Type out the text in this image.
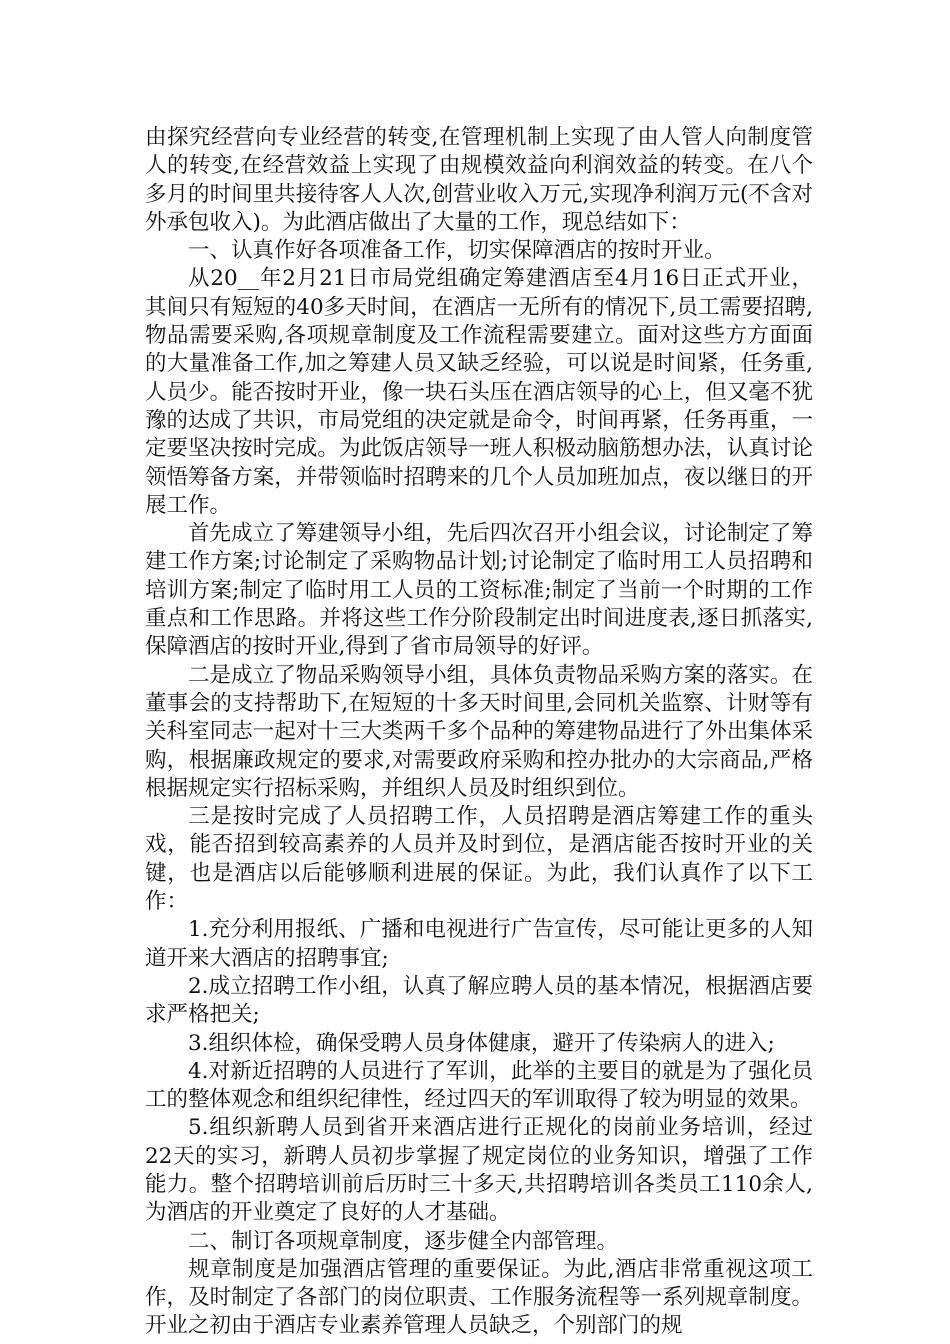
由探究经营向专业经营的转变,在管理机制上实现了由人管人向制度管人的转变,在经营效益上实现了由规模效益向利润效益的转变。在八个多月的时间里共接待客人人次,创营业收入万元,实现净利润万元(不含对外承包收入)。为此酒店做出了大量的工作，现总结如下：

一、认真作好各项准备工作，切实保障酒店的按时开业。

从20__年2月21日市局党组确定筹建酒店至4月16日正式开业，其间只有短短的40多天时间，在酒店一无所有的情况下,员工需要招聘,物品需要采购,各项规章制度及工作流程需要建立。面对这些方方面面的大量准备工作,加之筹建人员又缺乏经验，可以说是时间紧，任务重,人员少。能否按时开业，像一块石头压在酒店领导的心上，但又毫不犹豫的达成了共识，市局党组的决定就是命令，时间再紧，任务再重，一定要坚决按时完成。为此饭店领导一班人积极动脑筋想办法，认真讨论领悟筹备方案，并带领临时招聘来的几个人员加班加点，夜以继日的开展工作。

首先成立了筹建领导小组，先后四次召开小组会议，讨论制定了筹建工作方案;讨论制定了采购物品计划;讨论制定了临时用工人员招聘和培训方案;制定了临时用工人员的工资标准;制定了当前一个时期的工作重点和工作思路。并将这些工作分阶段制定出时间进度表,逐日抓落实,保障酒店的按时开业,得到了省市局领导的好评。

二是成立了物品采购领导小组，具体负责物品采购方案的落实。在董事会的支持帮助下,在短短的十多天时间里,会同机关监察、计财等有关科室同志一起对十三大类两千多个品种的筹建物品进行了外出集体采购，根据廉政规定的要求,对需要政府采购和控办批办的大宗商品,严格根据规定实行招标采购，并组织人员及时组织到位。

三是按时完成了人员招聘工作，人员招聘是酒店筹建工作的重头戏，能否招到较高素养的人员并及时到位，是酒店能否按时开业的关键，也是酒店以后能够顺利进展的保证。为此，我们认真作了以下工作：

1.充分利用报纸、广播和电视进行广告宣传，尽可能让更多的人知道开来大酒店的招聘事宜;

2.成立招聘工作小组，认真了解应聘人员的基本情况，根据酒店要求严格把关;

3.组织体检，确保受聘人员身体健康，避开了传染病人的进入;

4.对新近招聘的人员进行了军训，此举的主要目的就是为了强化员工的整体观念和组织纪律性，经过四天的军训取得了较为明显的效果。

5.组织新聘人员到省开来酒店进行正规化的岗前业务培训，经过22天的实习，新聘人员初步掌握了规定岗位的业务知识，增强了工作能力。整个招聘培训前后历时三十多天,共招聘培训各类员工110余人,为酒店的开业奠定了良好的人才基础。

二、制订各项规章制度，逐步健全内部管理。

规章制度是加强酒店管理的重要保证。为此,酒店非常重视这项工作，及时制定了各部门的岗位职责、工作服务流程等一系列规章制度。开业之初由于酒店专业素养管理人员缺乏，个别部门的规
